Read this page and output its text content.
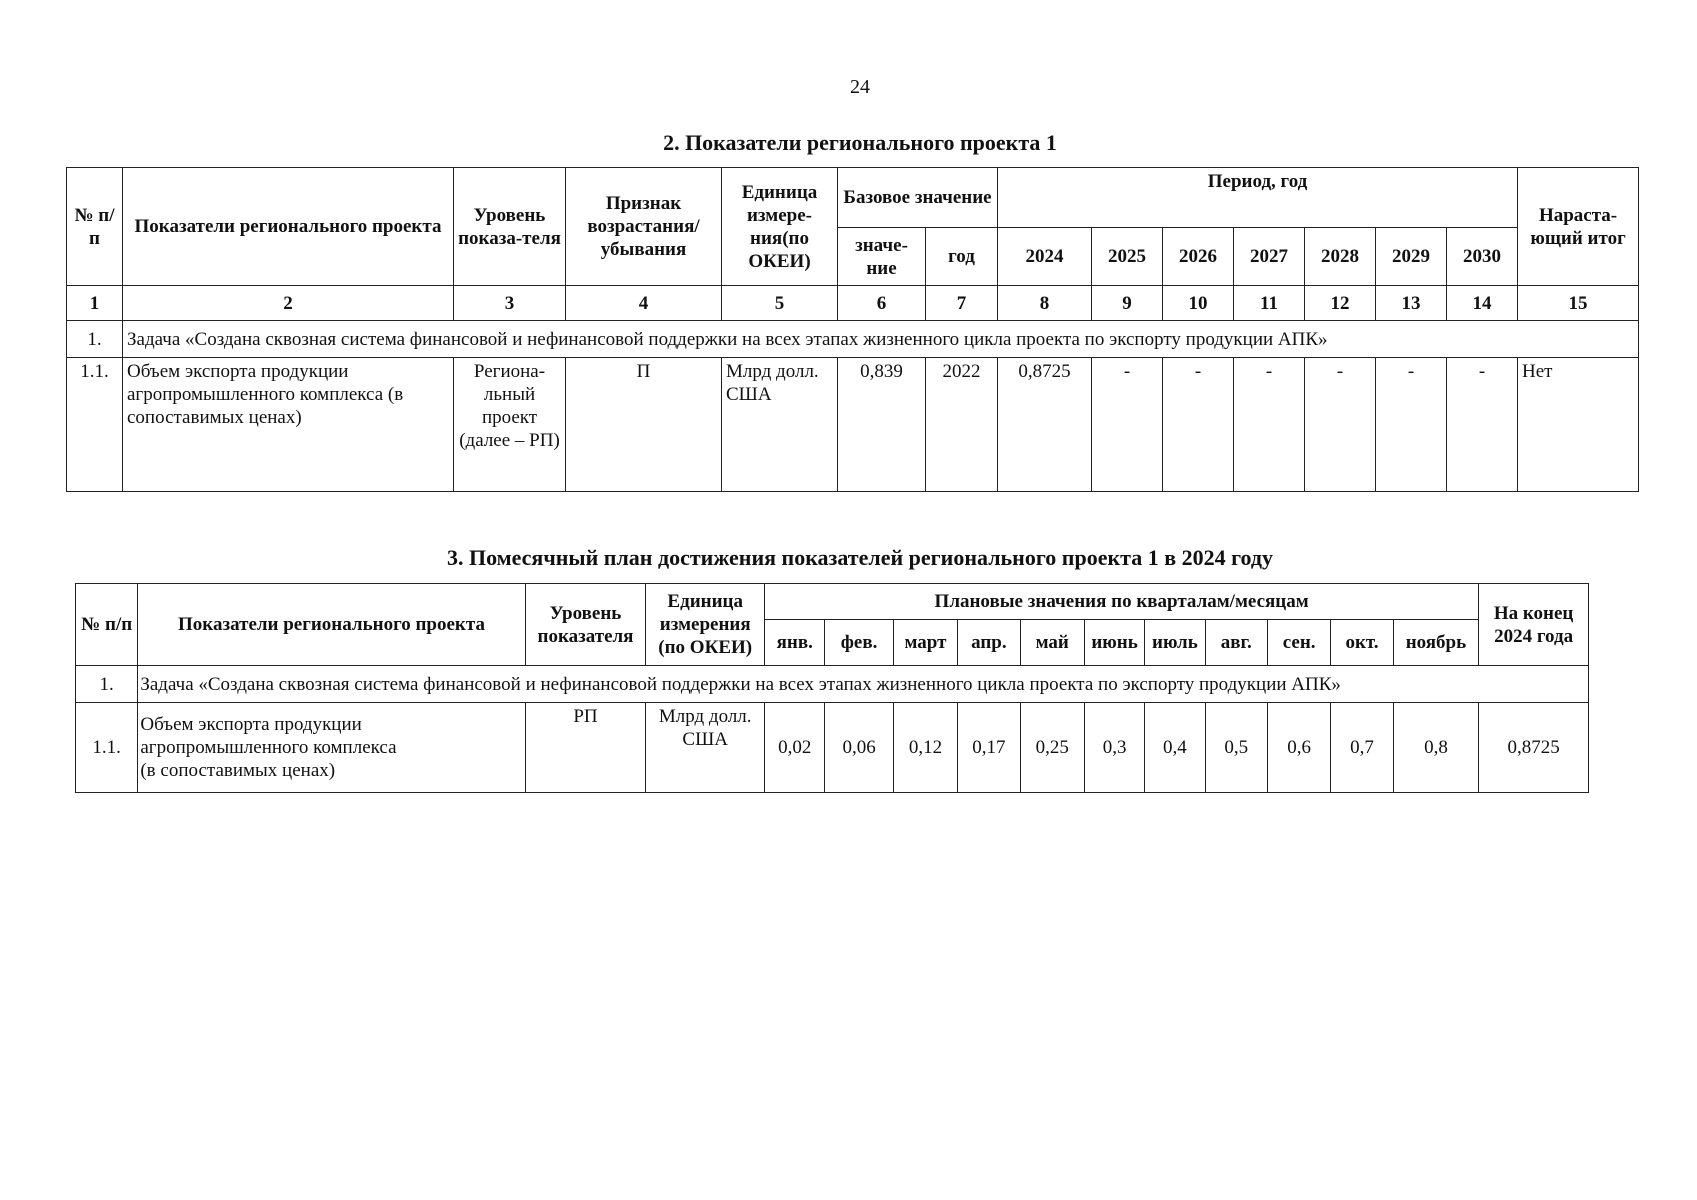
24
2. Показатели регионального проекта 1
№ п/п	Показатели регионального проекта	Уровень показа-теля	Признак возрастания/ убывания	Единица измере-ния(по ОКЕИ)	Базовое значение		Период, год							Нараста-ющий итог
					значе-ние	год	2024	2025	2026	2027	2028	2029	2030	
1	2	3	4	5	6	7	8	9	10	11	12	13	14	15
1.	Задача «Создана сквозная система финансовой и нефинансовой поддержки на всех этапах жизненного цикла проекта по экспорту продукции АПК»													
1.1.	Объем экспорта продукции агропромышленного комплекса (в сопоставимых ценах)	Региона-льный проект (далее – РП)	П	Млрд долл. США	0,839	2022	0,8725	-	-	-	-	-	-	Нет
3. Помесячный план достижения показателей регионального проекта 1 в 2024 году
№ п/п	Показатели регионального проекта	Уровень показателя	Единица измерения (по ОКЕИ)	Плановые значения по кварталам/месяцам											На конец 2024 года
				янв.	фев.	март	апр.	май	июнь	июль	авг.	сен.	окт.	ноябрь	
1.	Задача «Создана сквозная система финансовой и нефинансовой поддержки на всех этапах жизненного цикла проекта по экспорту продукции АПК»														
1.1.	Объем экспорта продукции
агропромышленного комплекса
(в сопоставимых ценах)	РП	Млрд долл. США	0,02	0,06	0,12	0,17	0,25	0,3	0,4	0,5	0,6	0,7	0,8	0,8725
